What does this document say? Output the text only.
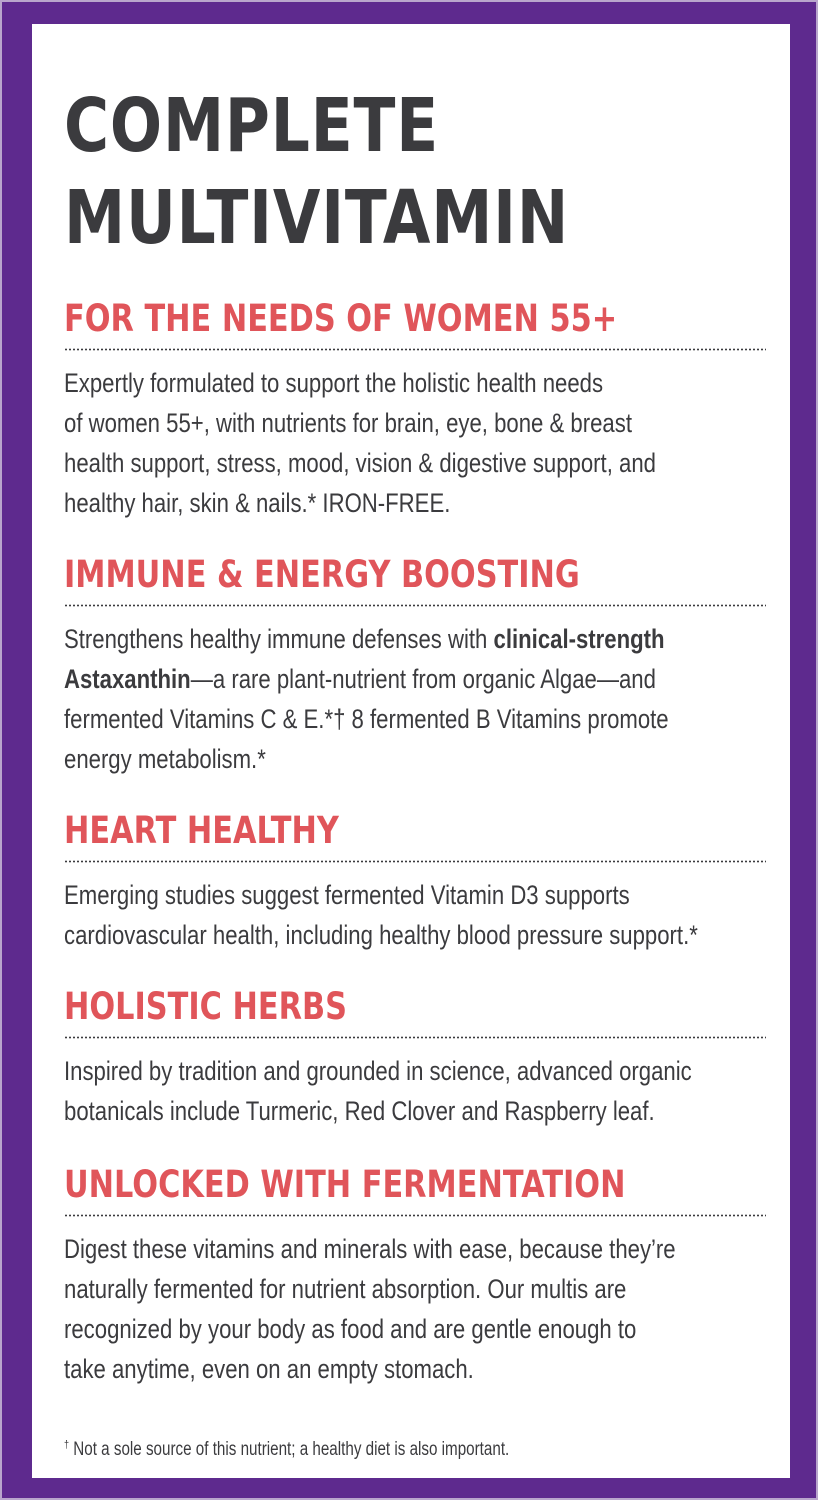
COMPLETE
MULTIVITAMIN
FOR THE NEEDS OF WOMEN 55+

Expertly formulated to support the holistic health needs
of women 55+, with nutrients for brain, eye, bone & breast
health support, stress, mood, vision & digestive support, and
healthy hair, skin & nails.* IRON-FREE.

IMMUNE & ENERGY BOOSTING

Strengthens healthy immune defenses with clinical-strength
Astaxanthin—a rare plant-nutrient from organic Algae—and
fermented Vitamins C & E.*† 8 fermented B Vitamins promote
energy metabolism.*

HEART HEALTHY

Emerging studies suggest fermented Vitamin D3 supports
cardiovascular health, including healthy blood pressure support.*

HOLISTIC HERBS

Inspired by tradition and grounded in science, advanced organic
botanicals include Turmeric, Red Clover and Raspberry leaf.

UNLOCKED WITH FERMENTATION

Digest these vitamins and minerals with ease, because they’re
naturally fermented for nutrient absorption. Our multis are
recognized by your body as food and are gentle enough to
take anytime, even on an empty stomach.

† Not a sole source of this nutrient; a healthy diet is also important.
